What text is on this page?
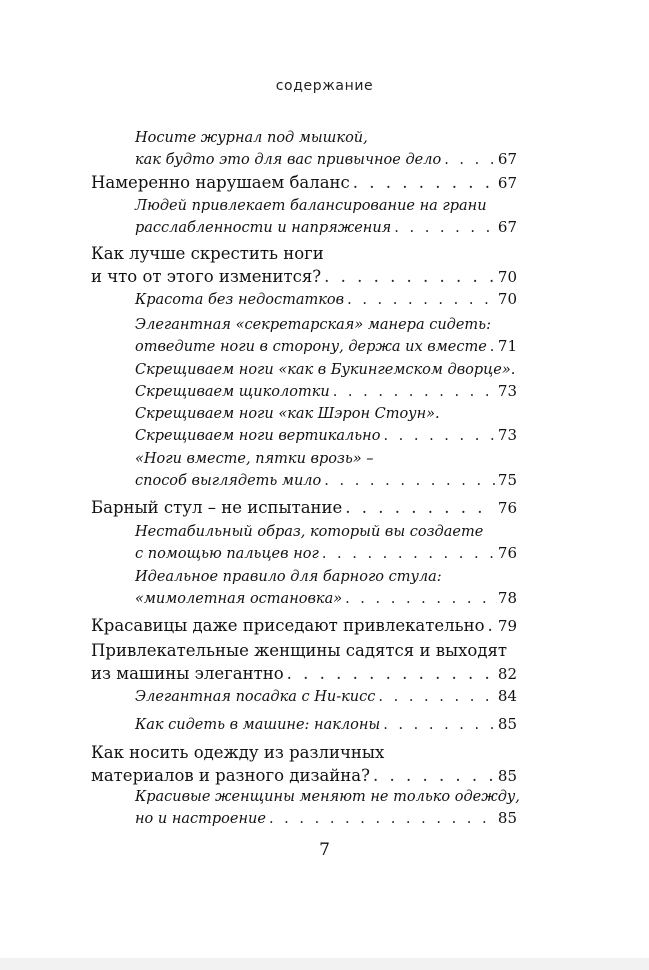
содержание
Носите журнал под мышкой,
как будто это для вас привычное дело . . .	67
Намеренно нарушаем баланс . . .	67
Людей привлекает балансирование на грани
расслабленности и напряжения . . .	67
Как лучше скрестить ноги
и что от этого изменится? . . .	70
Красота без недостатков . . .	70
Элегантная «секретарская» манера сидеть:
отведите ноги в сторону, держа их вместе . . . 71
Скрещиваем ноги «как в Букингемском дворце».
Скрещиваем щиколотки . . .	73
Скрещиваем ноги «как Шэрон Стоун».
Скрещиваем ноги вертикально . . .	73
«Ноги вместе, пятки врозь» –
способ выглядеть мило . . .	75
Барный стул – не испытание . . .	76
Нестабильный образ, который вы создаете
с помощью пальцев ног . . .	76
Идеальное правило для барного стула:
«мимолетная остановка» . . .	78
Красавицы даже приседают привлекательно . . . 79
Привлекательные женщины садятся и выходят
из машины элегантно . . .	82
Элегантная посадка с Ни-кисс . . .	84
Как сидеть в машине: наклоны . . .	85
Как носить одежду из различных
материалов и разного дизайна? . . .	85
Красивые женщины меняют не только одежду,
но и настроение . . .	85
7
